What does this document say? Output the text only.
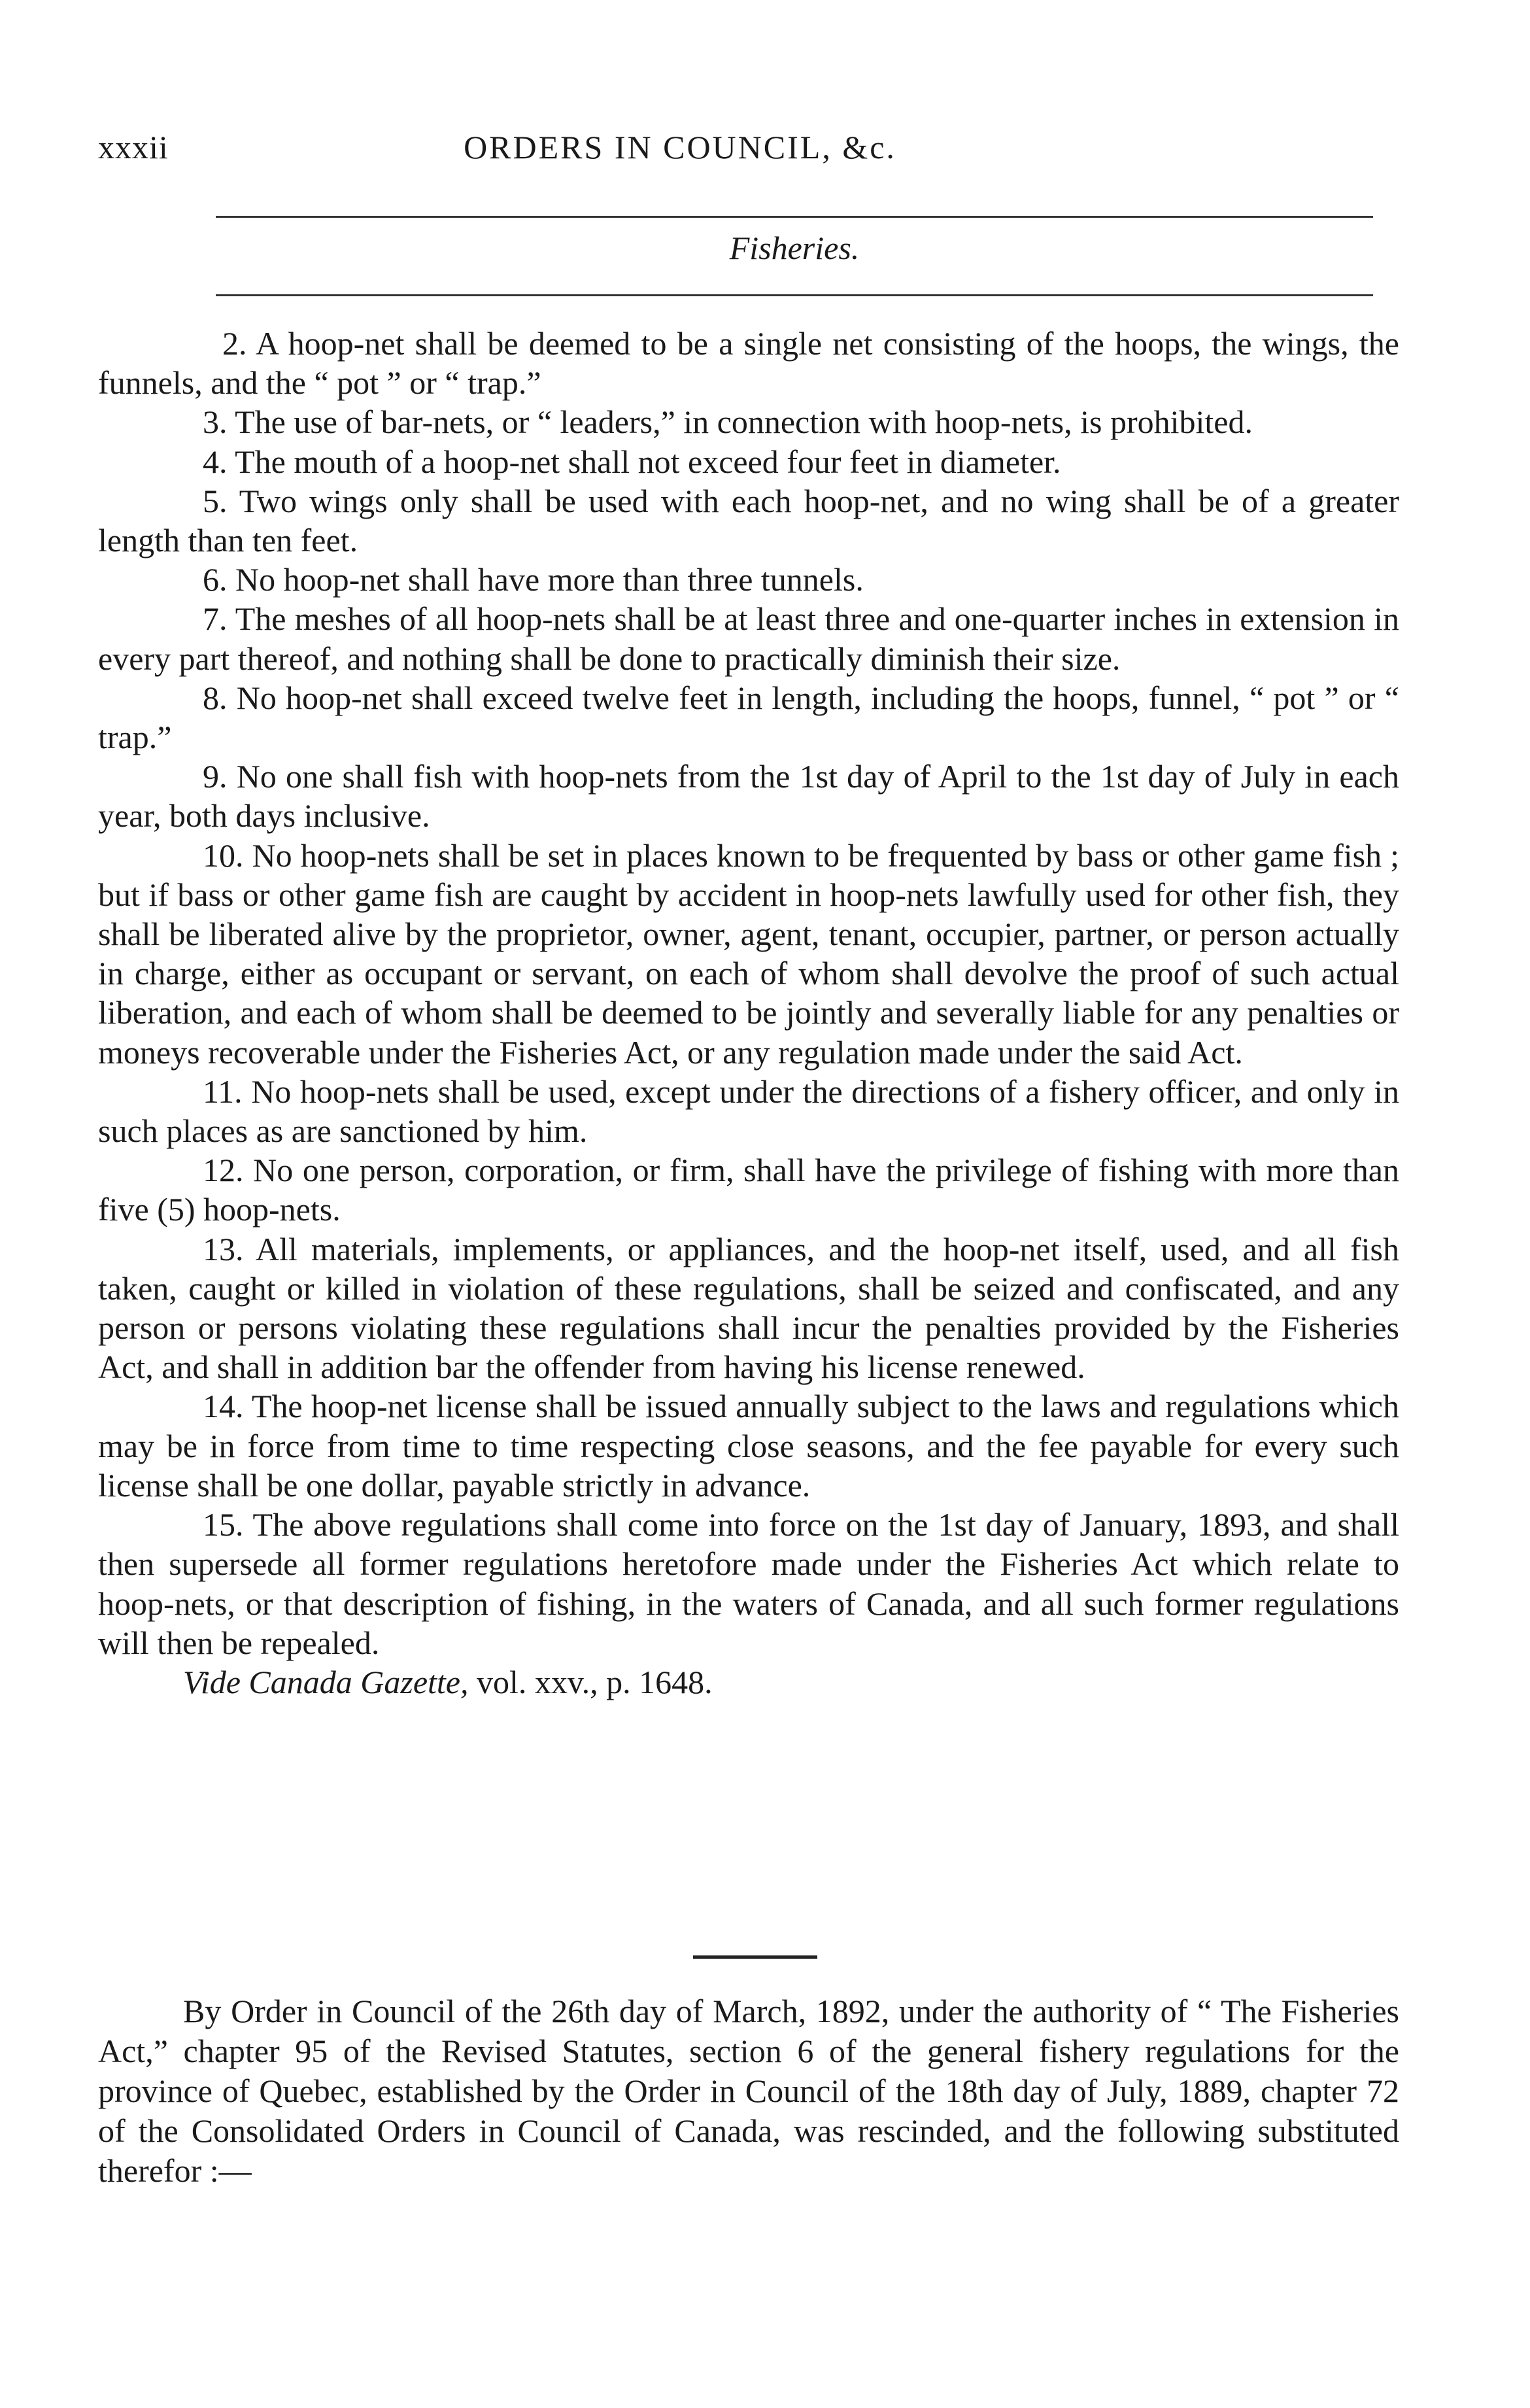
xxxii	ORDERS IN COUNCIL, &c.
Fisheries.

2. A hoop-net shall be deemed to be a single net consisting of the hoops, the wings, the funnels, and the “ pot ” or “ trap.”

3. The use of bar-nets, or “ leaders,” in connection with hoop-nets, is prohibited.

4. The mouth of a hoop-net shall not exceed four feet in diameter.

5. Two wings only shall be used with each hoop-net, and no wing shall be of a greater length than ten feet.

6. No hoop-net shall have more than three tunnels.

7. The meshes of all hoop-nets shall be at least three and one-quarter inches in extension in every part thereof, and nothing shall be done to practically diminish their size.

8. No hoop-net shall exceed twelve feet in length, including the hoops, funnel, “ pot ” or “ trap.”

9. No one shall fish with hoop-nets from the 1st day of April to the 1st day of July in each year, both days inclusive.

10. No hoop-nets shall be set in places known to be frequented by bass or other game fish ; but if bass or other game fish are caught by accident in hoop-nets lawfully used for other fish, they shall be liberated alive by the proprietor, owner, agent, tenant, occupier, partner, or person actually in charge, either as occupant or servant, on each of whom shall devolve the proof of such actual liberation, and each of whom shall be deemed to be jointly and severally liable for any penalties or moneys recoverable under the Fisheries Act, or any regulation made under the said Act.

11. No hoop-nets shall be used, except under the directions of a fishery officer, and only in such places as are sanctioned by him.

12. No one person, corporation, or firm, shall have the privilege of fishing with more than five (5) hoop-nets.

13. All materials, implements, or appliances, and the hoop-net itself, used, and all fish taken, caught or killed in violation of these regulations, shall be seized and confiscated, and any person or persons violating these regulations shall incur the penalties provided by the Fisheries Act, and shall in addition bar the offender from having his license renewed.

14. The hoop-net license shall be issued annually subject to the laws and regulations which may be in force from time to time respecting close seasons, and the fee payable for every such license shall be one dollar, payable strictly in advance.

15. The above regulations shall come into force on the 1st day of January, 1893, and shall then supersede all former regulations heretofore made under the Fisheries Act which relate to hoop-nets, or that description of fishing, in the waters of Canada, and all such former regulations will then be repealed.

Vide Canada Gazette, vol. xxv., p. 1648.

By Order in Council of the 26th day of March, 1892, under the authority of “ The Fisheries Act,” chapter 95 of the Revised Statutes, section 6 of the general fishery regulations for the province of Quebec, established by the Order in Council of the 18th day of July, 1889, chapter 72 of the Consolidated Orders in Council of Canada, was rescinded, and the following substituted therefor :—
